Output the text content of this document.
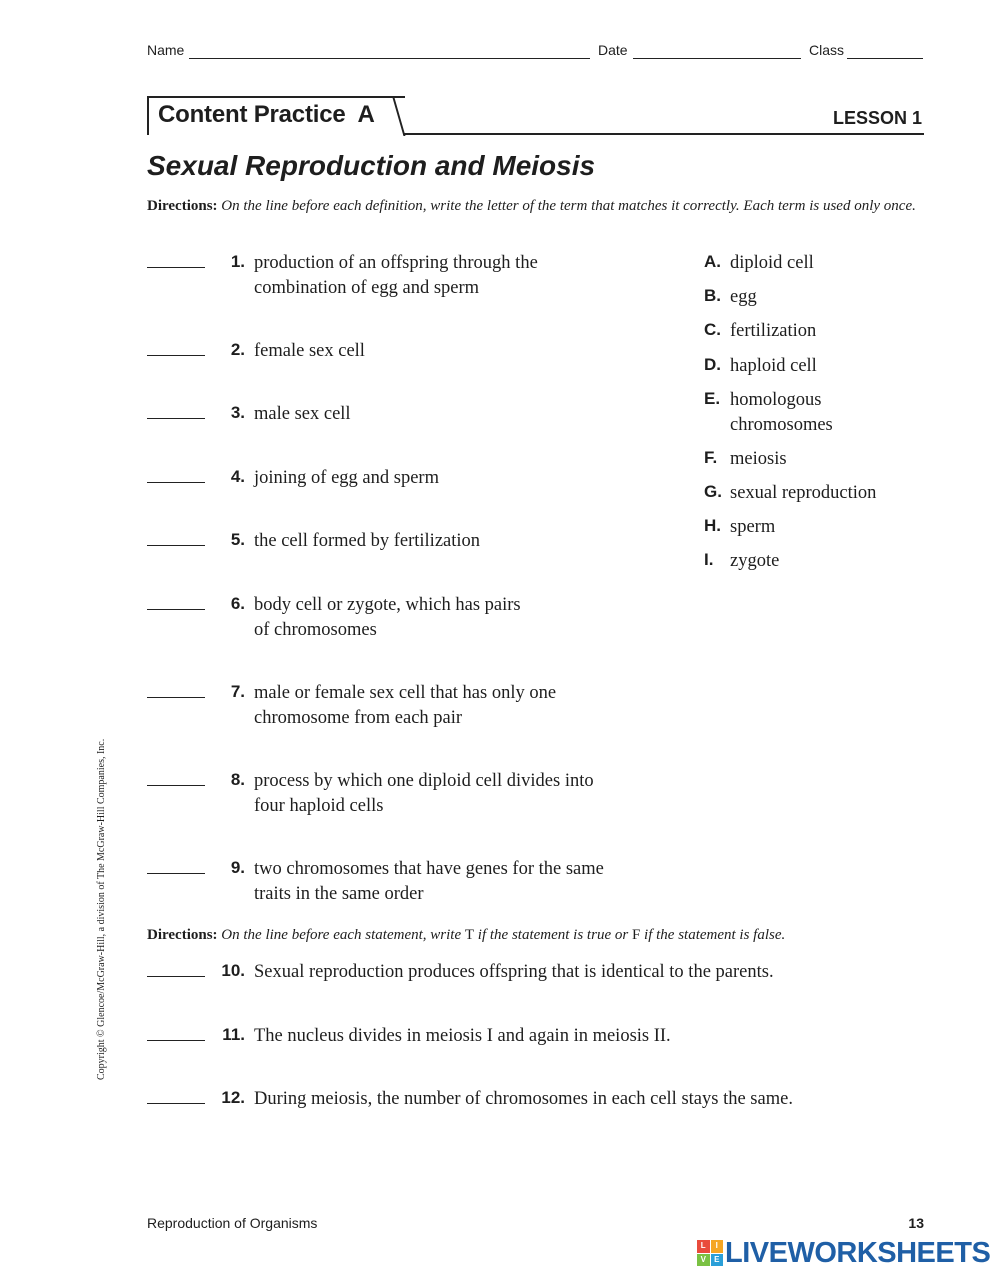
Name	Date	Class
Content Practice  A	LESSON 1
Sexual Reproduction and Meiosis
Directions: On the line before each definition, write the letter of the term that matches it correctly. Each term is used only once.
1. production of an offspring through the
combination of egg and sperm
2. female sex cell
3. male sex cell
4. joining of egg and sperm
5. the cell formed by fertilization
6. body cell or zygote, which has pairs
of chromosomes
7. male or female sex cell that has only one
chromosome from each pair
8. process by which one diploid cell divides into
four haploid cells
9. two chromosomes that have genes for the same
traits in the same order
A. diploid cell
B. egg
C. fertilization
D. haploid cell
E. homologous
chromosomes
F. meiosis
G. sexual reproduction
H. sperm
I. zygote
Directions: On the line before each statement, write T if the statement is true or F if the statement is false.
10. Sexual reproduction produces offspring that is identical to the parents.
11. The nucleus divides in meiosis I and again in meiosis II.
12. During meiosis, the number of chromosomes in each cell stays the same.
Copyright © Glencoe/McGraw-Hill, a division of The McGraw-Hill Companies, Inc.
Reproduction of Organisms	13
L	I
V	E LIVEWORKSHEETS
